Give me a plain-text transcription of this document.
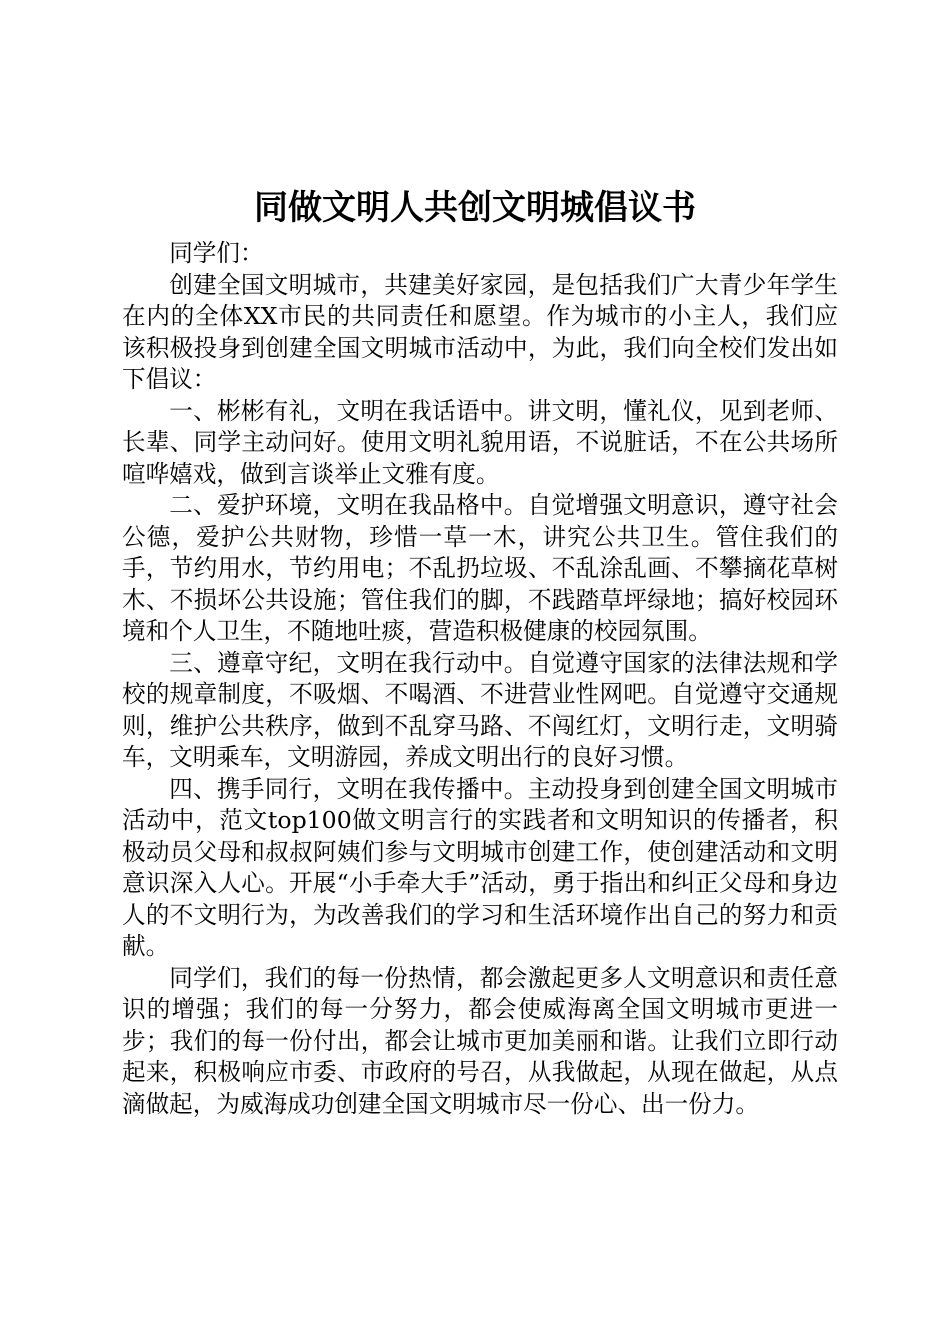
同做文明人共创文明城倡议书

同学们：

创建全国文明城市，共建美好家园，是包括我们广大青少年学生在内的全体XX市民的共同责任和愿望。作为城市的小主人，我们应该积极投身到创建全国文明城市活动中，为此，我们向全校们发出如下倡议：

一、彬彬有礼，文明在我话语中。讲文明，懂礼仪，见到老师、长辈、同学主动问好。使用文明礼貌用语，不说脏话，不在公共场所喧哗嬉戏，做到言谈举止文雅有度。

二、爱护环境，文明在我品格中。自觉增强文明意识，遵守社会公德，爱护公共财物，珍惜一草一木，讲究公共卫生。管住我们的手，节约用水，节约用电；不乱扔垃圾、不乱涂乱画、不攀摘花草树木、不损坏公共设施；管住我们的脚，不践踏草坪绿地；搞好校园环境和个人卫生，不随地吐痰，营造积极健康的校园氛围。

三、遵章守纪，文明在我行动中。自觉遵守国家的法律法规和学校的规章制度，不吸烟、不喝酒、不进营业性网吧。自觉遵守交通规则，维护公共秩序，做到不乱穿马路、不闯红灯，文明行走，文明骑车，文明乘车，文明游园，养成文明出行的良好习惯。

四、携手同行，文明在我传播中。主动投身到创建全国文明城市活动中，范文top100做文明言行的实践者和文明知识的传播者，积极动员父母和叔叔阿姨们参与文明城市创建工作，使创建活动和文明意识深入人心。开展“小手牵大手”活动，勇于指出和纠正父母和身边人的不文明行为，为改善我们的学习和生活环境作出自己的努力和贡献。

同学们，我们的每一份热情，都会激起更多人文明意识和责任意识的增强；我们的每一分努力，都会使威海离全国文明城市更进一步；我们的每一份付出，都会让城市更加美丽和谐。让我们立即行动起来，积极响应市委、市政府的号召，从我做起，从现在做起，从点滴做起，为威海成功创建全国文明城市尽一份心、出一份力。
